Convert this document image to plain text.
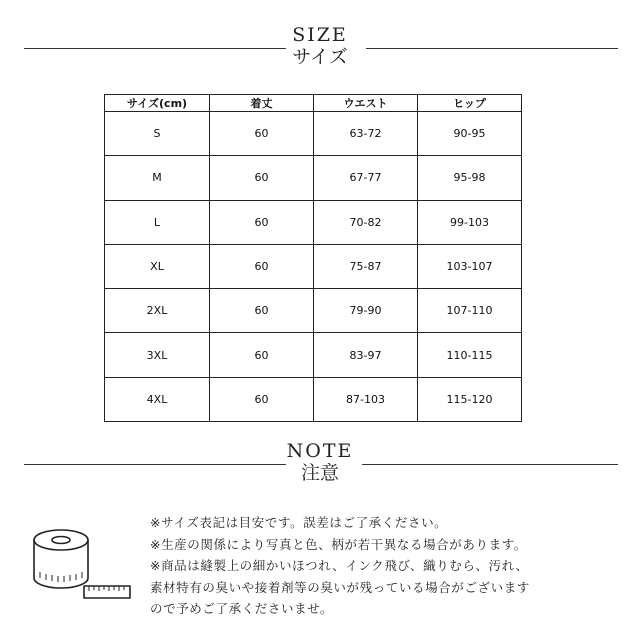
SIZE
サイズ
サイズ(cm)	着丈	ウエスト	ヒップ
S	60	63-72	90-95
M	60	67-77	95-98
L	60	70-82	99-103
XL	60	75-87	103-107
2XL	60	79-90	107-110
3XL	60	83-97	110-115
4XL	60	87-103	115-120
NOTE
注意
※サイズ表記は目安です。誤差はご了承ください。
※生産の関係により写真と色、柄が若干異なる場合があります。
※商品は縫製上の細かいほつれ、インク飛び、織りむら、汚れ、
素材特有の臭いや接着剤等の臭いが残っている場合がございます
ので予めご了承くださいませ。
